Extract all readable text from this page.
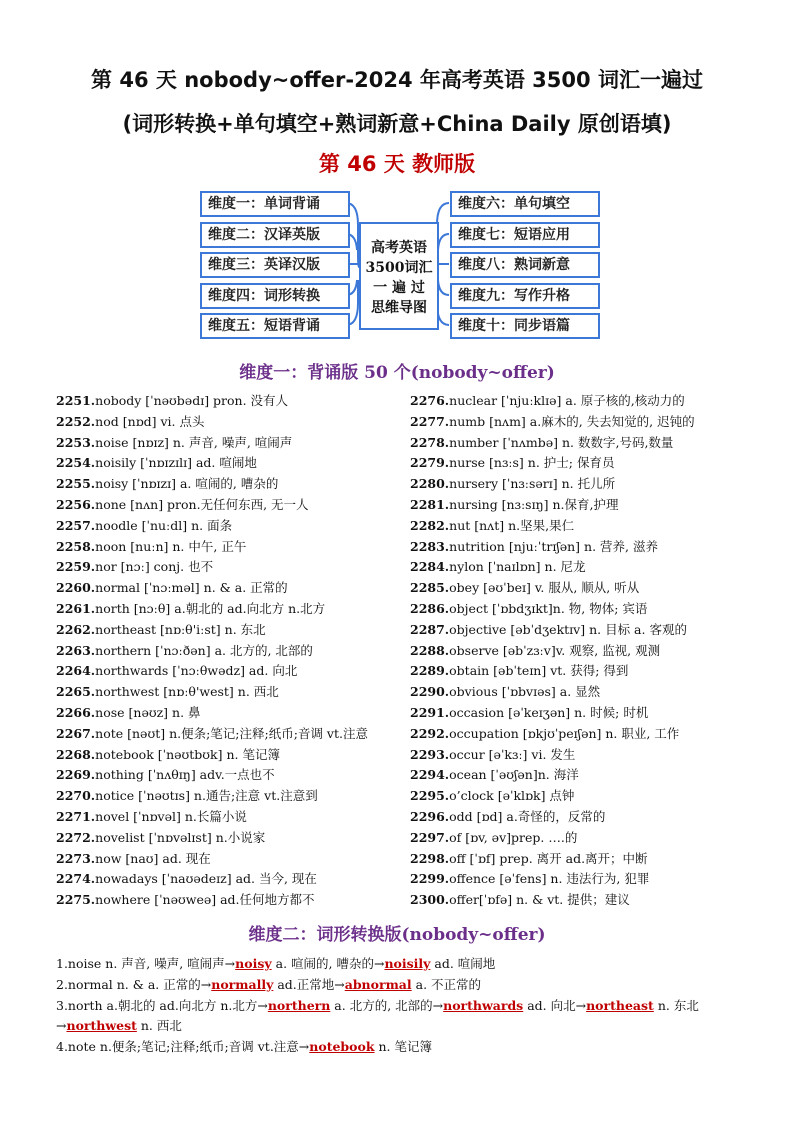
第 46 天 nobody~offer-2024 年高考英语 3500 词汇一遍过
(词形转换+单句填空+熟词新意+China Daily 原创语填)
第 46 天 教师版
维度一：单词背诵
维度二：汉译英版
维度三：英译汉版
维度四：词形转换
维度五：短语背诵
高考英语
3500词汇
一 遍 过
思维导图
维度六：单句填空
维度七：短语应用
维度八：熟词新意
维度九：写作升格
维度十：同步语篇
维度一：背诵版 50 个(nobody~offer)
2251.nobody [ˈnəʊbədɪ] pron. 没有人
2252.nod [nɒd] vi. 点头
2253.noise [nɒɪz] n. 声音, 噪声, 喧闹声
2254.noisily [ˈnɒɪzɪlɪ] ad. 喧闹地
2255.noisy [ˈnɒɪzɪ] a. 喧闹的, 嘈杂的
2256.none [nʌn] pron.无任何东西, 无一人
2257.noodle [ˈnuːdl] n. 面条
2258.noon [nuːn] n. 中午, 正午
2259.nor [nɔː] conj. 也不
2260.normal [ˈnɔːməl] n. & a. 正常的
2261.north [nɔːθ] a.朝北的 ad.向北方 n.北方
2262.northeast [nɒːθ'iːst] n. 东北
2263.northern [ˈnɔːðən] a. 北方的, 北部的
2264.northwards [ˈnɔːθwədz] ad. 向北
2265.northwest [nɒːθ'west] n. 西北
2266.nose [nəʊz] n. 鼻
2267.note [nəʊt] n.便条;笔记;注释;纸币;音调 vt.注意
2268.notebook [ˈnəʊtbʊk] n. 笔记簿
2269.nothing [ˈnʌθɪŋ] adv.一点也不
2270.notice [ˈnəʊtɪs] n.通告;注意 vt.注意到
2271.novel [ˈnɒvəl] n.长篇小说
2272.novelist [ˈnɒvəlɪst] n.小说家
2273.now [naʊ] ad. 现在
2274.nowadays [ˈnaʊədeɪz] ad. 当今, 现在
2275.nowhere [ˈnəʊweə] ad.任何地方都不
2276.nuclear [ˈnjuːklɪə] a. 原子核的,核动力的
2277.numb [nʌm] a.麻木的, 失去知觉的, 迟钝的
2278.number [ˈnʌmbə] n. 数数字,号码,数量
2279.nurse [nɜːs] n. 护士; 保育员
2280.nursery [ˈnɜːsərɪ] n. 托儿所
2281.nursing [nɜːsɪŋ] n.保育,护理
2282.nut [nʌt] n.坚果,果仁
2283.nutrition [njuːˈtrɪʃən] n. 营养, 滋养
2284.nylon [ˈnaɪlɒn] n. 尼龙
2285.obey [əʊˈbeɪ] v. 服从, 顺从, 听从
2286.object [ˈɒbdʒɪkt]n. 物, 物体; 宾语
2287.objective [əbˈdʒektɪv] n. 目标 a. 客观的
2288.observe [əbˈzɜːv]v. 观察, 监视, 观测
2289.obtain [əbˈteɪn] vt. 获得; 得到
2290.obvious [ˈɒbvɪəs] a. 显然
2291.occasion [əˈkeɪʒən] n. 时候; 时机
2292.occupation [ɒkjʊˈpeɪʃən] n. 职业, 工作
2293.occur [əˈkɜː] vi. 发生
2294.ocean [ˈəʊʃən]n. 海洋
2295.o’clock [əˈklɒk] 点钟
2296.odd [ɒd] a.奇怪的，反常的
2297.of [ɒv, əv]prep. ….的
2298.off [ˈɒf] prep. 离开 ad.离开；中断
2299.offence [əˈfens] n. 违法行为, 犯罪
2300.offer[ˈɒfə] n. & vt. 提供；建议
维度二：词形转换版(nobody~offer)
1.noise n. 声音, 噪声, 喧闹声→noisy a. 喧闹的, 嘈杂的→noisily ad. 喧闹地
2.normal n. & a. 正常的→normally ad.正常地→abnormal a. 不正常的
3.north a.朝北的 ad.向北方 n.北方→northern a. 北方的, 北部的→northwards ad. 向北→northeast n. 东北
→northwest n. 西北
4.note n.便条;笔记;注释;纸币;音调 vt.注意→notebook n. 笔记簿
